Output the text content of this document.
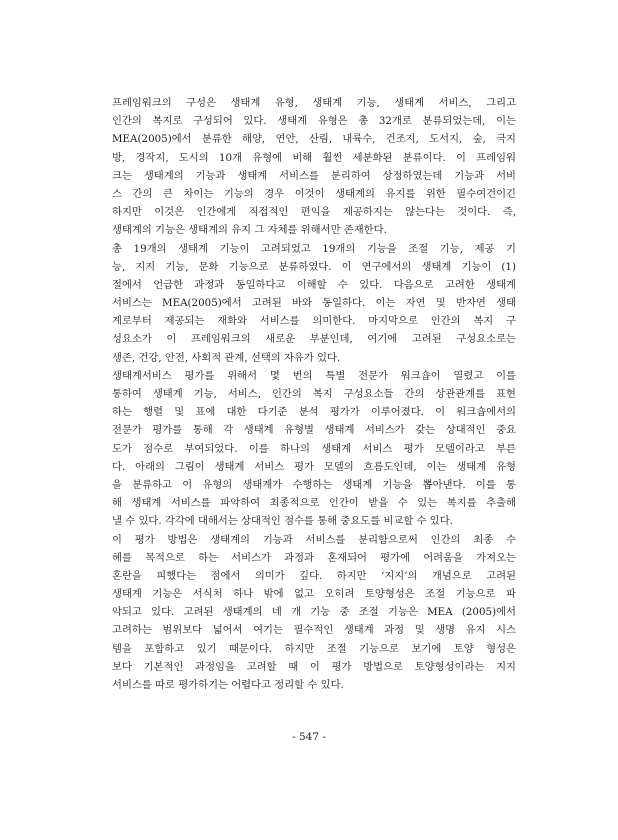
프레임워크의 구성은 생태계 유형, 생태계 기능, 생태계 서비스, 그리고
인간의 복지로 구성되어 있다. 생태계 유형은 총 32개로 분류되었는데, 이는
MEA(2005)에서 분류한 해양, 연안, 산림, 내륙수, 건조지, 도서지, 숲, 극지
방, 경작지, 도시의 10개 유형에 비해 훨씬 세분화된 분류이다. 이 프레임워
크는 생태계의 기능과 생태계 서비스를 분리하여 상정하였는데 기능과 서비
스 간의 큰 차이는 기능의 경우 이것이 생태계의 유지를 위한 필수여건이긴
하지만 이것은 인간에게 직접적인 편익을 제공하지는 않는다는 것이다. 즉,
생태계의 기능은 생태계의 유지 그 자체를 위해서만 존재한다.

총 19개의 생태계 기능이 고려되었고 19개의 기능을 조절 기능, 제공 기
능, 지지 기능, 문화 기능으로 분류하였다. 이 연구에서의 생태계 기능이 (1)
절에서 언급한 과정과 동일하다고 이해할 수 있다. 다음으로 고려한 생태계
서비스는 MEA(2005)에서 고려된 바와 동일하다. 이는 자연 및 반자연 생태
계로부터 제공되는 재화와 서비스를 의미한다. 마지막으로 인간의 복지 구
성요소가 이 프레임워크의 새로운 부분인데, 여기에 고려된 구성요소로는
생존, 건강, 안전, 사회적 관계, 선택의 자유가 있다.

생태계서비스 평가를 위해서 몇 번의 특별 전문가 워크숍이 열렸고 이를
통하여 생태계 기능, 서비스, 인간의 복지 구성요소들 간의 상관관계를 표현
하는 행렬 및 표에 대한 다기준 분석 평가가 이루어졌다. 이 워크숍에서의
전문가 평가를 통해 각 생태계 유형별 생태계 서비스가 갖는 상대적인 중요
도가 점수로 부여되었다. 이를 하나의 생태계 서비스 평가 모델이라고 부른
다. 아래의 그림이 생태계 서비스 평가 모델의 흐름도인데, 이는 생태계 유형
을 분류하고 이 유형의 생태계가 수행하는 생태계 기능을 뽑아낸다. 이를 통
해 생태계 서비스를 파악하여 최종적으로 인간이 받을 수 있는 복지를 추출해
낼 수 있다. 각각에 대해서는 상대적인 점수를 통해 중요도를 비교할 수 있다.

이 평가 방법은 생태계의 기능과 서비스를 분리함으로써 인간의 최종 수
혜를 목적으로 하는 서비스가 과정과 혼재되어 평가에 어려움을 가져오는
혼란을 피했다는 점에서 의미가 깊다. 하지만 ‘지지’의 개념으로 고려된
생태계 기능은 서식처 하나 밖에 없고 오히려 토양형성은 조절 기능으로 파
악되고 있다. 고려된 생태계의 네 개 기능 중 조절 기능은 MEA (2005)에서
고려하는 범위보다 넓어서 여기는 필수적인 생태계 과정 및 생명 유지 시스
템을 포함하고 있기 때문이다. 하지만 조절 기능으로 보기에 토양 형성은
보다 기본적인 과정임을 고려할 때 이 평가 방법으로 토양형성이라는 지지
서비스를 따로 평가하기는 어렵다고 정리할 수 있다.

- 547 -
